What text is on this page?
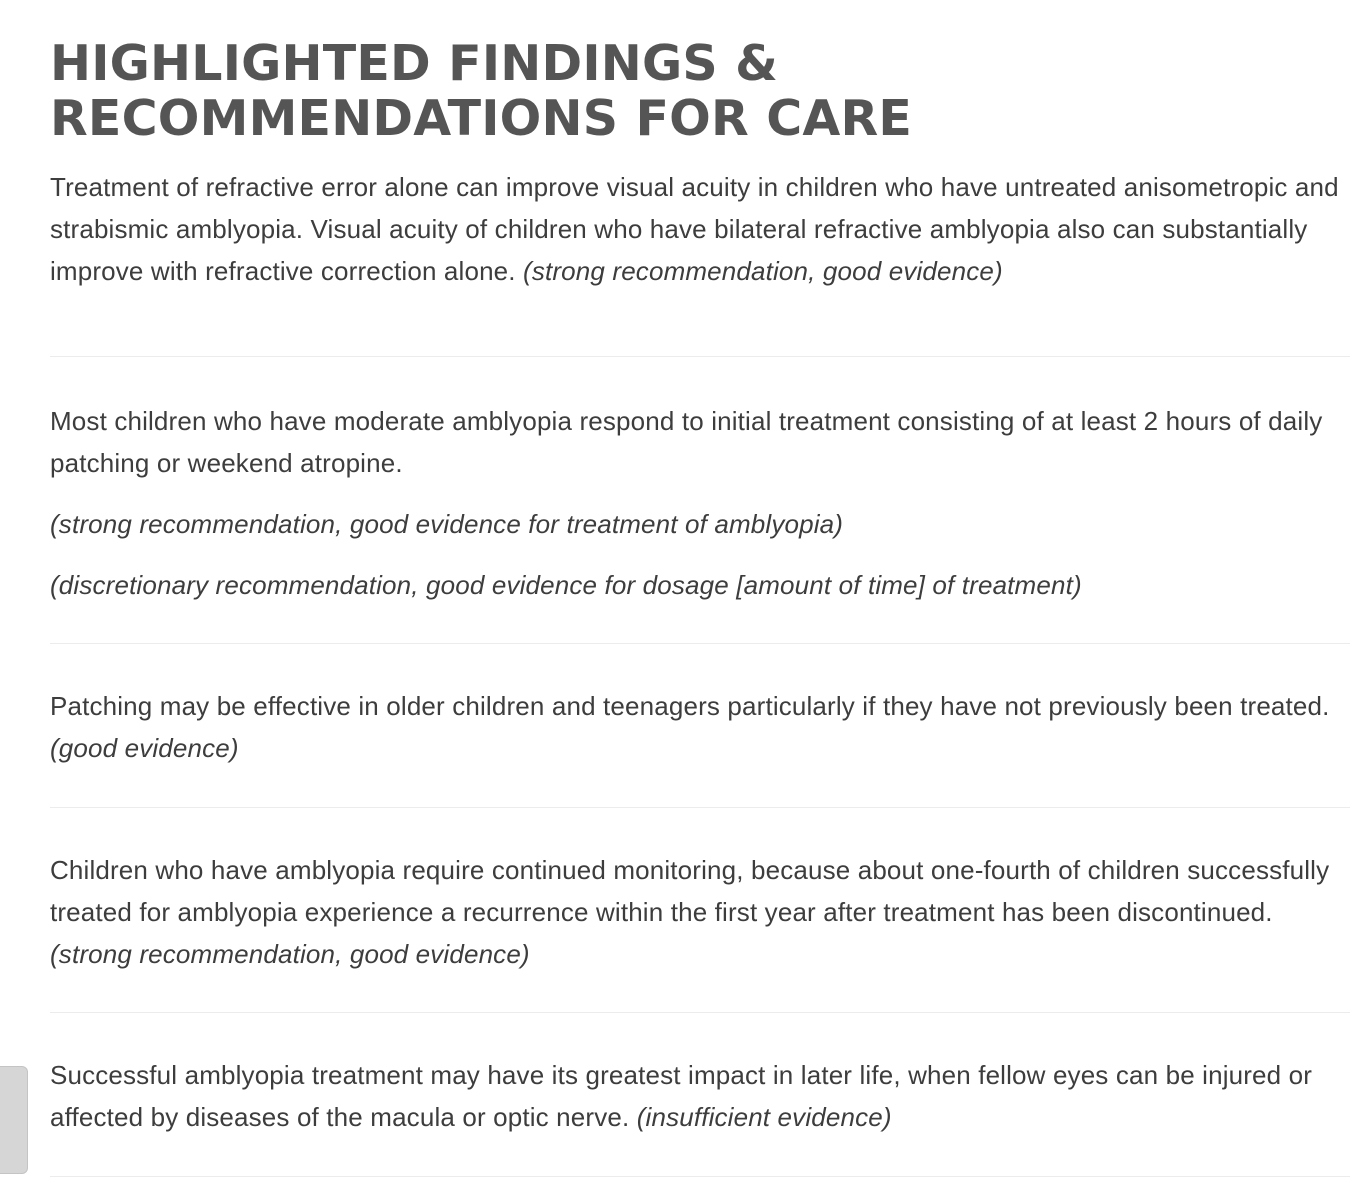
HIGHLIGHTED FINDINGS & RECOMMENDATIONS FOR CARE

Treatment of refractive error alone can improve visual acuity in children who have untreated anisometropic and strabismic amblyopia. Visual acuity of children who have bilateral refractive amblyopia also can substantially improve with refractive correction alone. (strong recommendation, good evidence)

Most children who have moderate amblyopia respond to initial treatment consisting of at least 2 hours of daily patching or weekend atropine.

(strong recommendation, good evidence for treatment of amblyopia)

(discretionary recommendation, good evidence for dosage [amount of time] of treatment)

Patching may be effective in older children and teenagers particularly if they have not previously been treated. (good evidence)

Children who have amblyopia require continued monitoring, because about one-fourth of children successfully treated for amblyopia experience a recurrence within the first year after treatment has been discontinued. (strong recommendation, good evidence)

Successful amblyopia treatment may have its greatest impact in later life, when fellow eyes can be injured or affected by diseases of the macula or optic nerve. (insufficient evidence)
